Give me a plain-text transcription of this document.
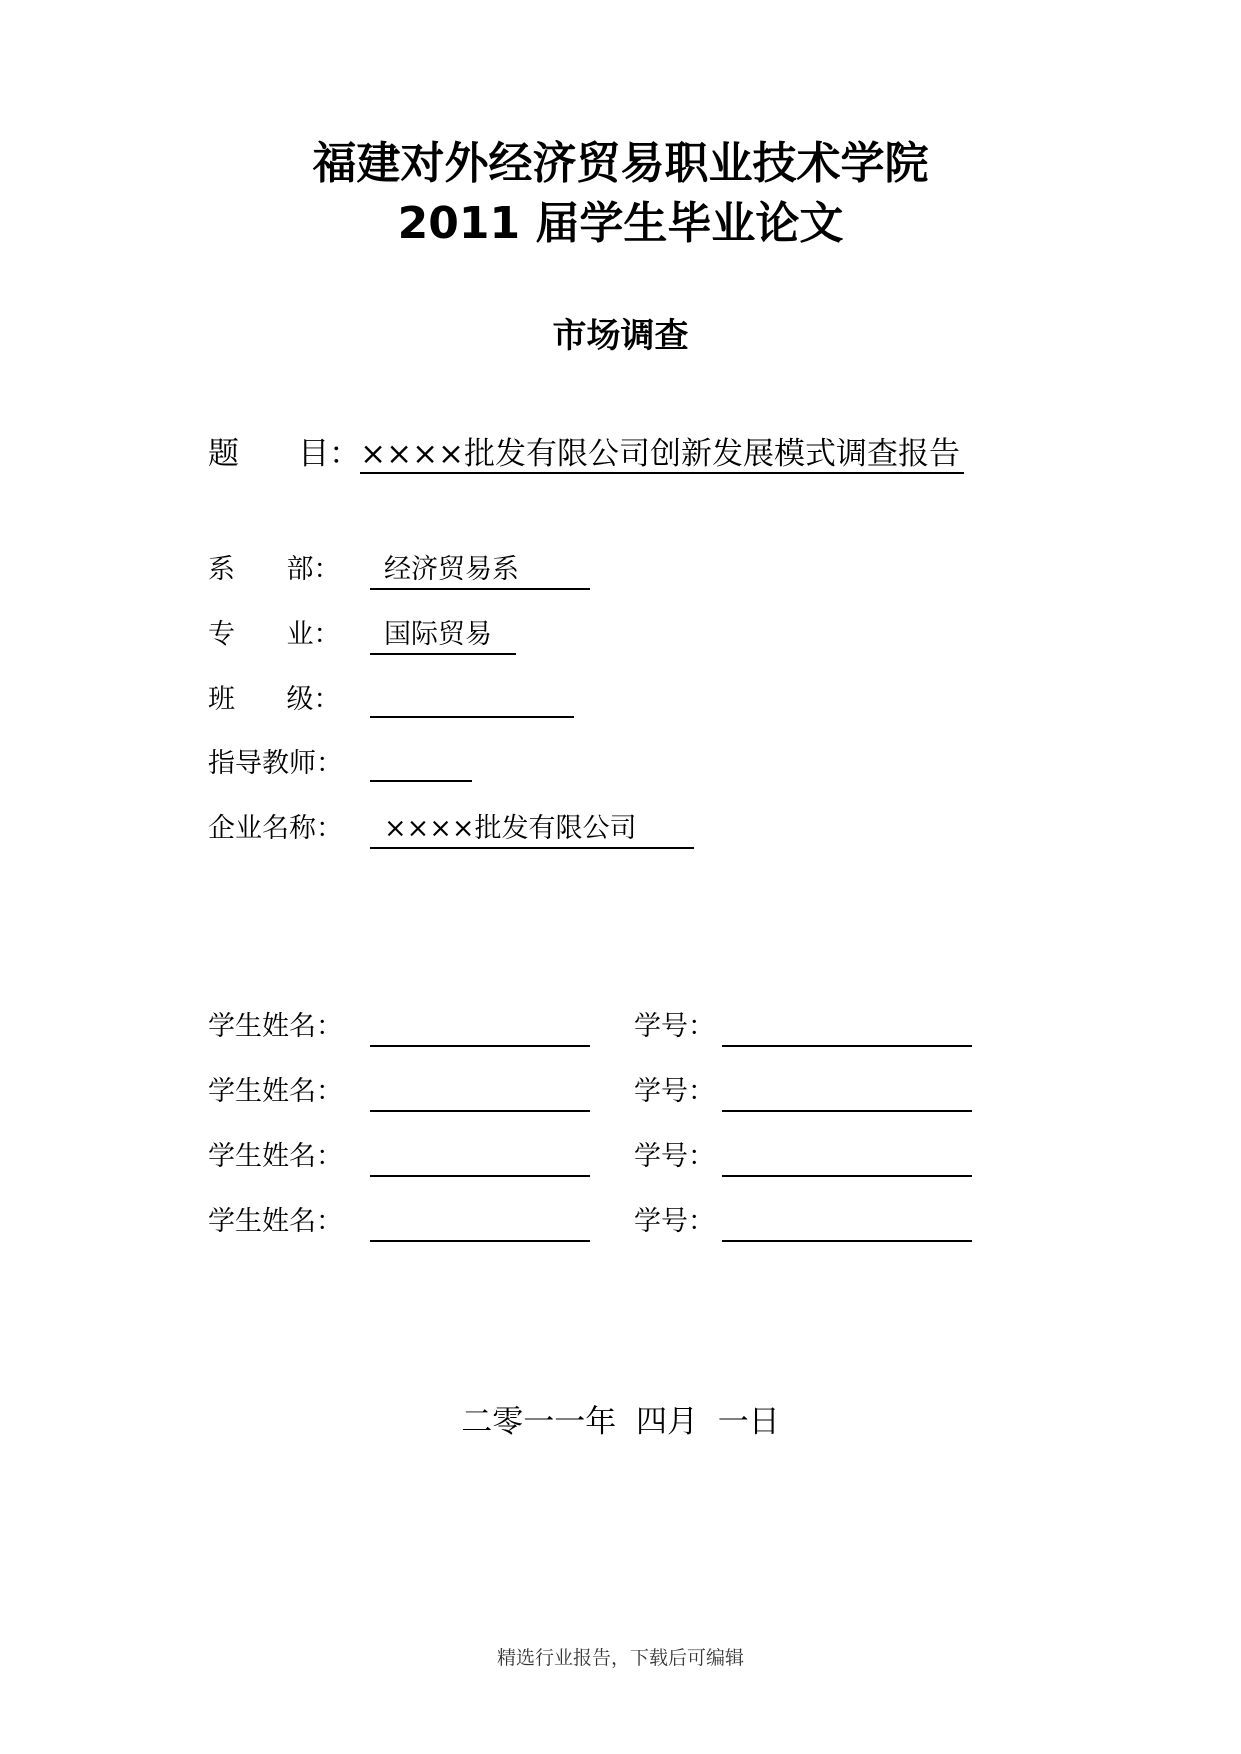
福建对外经济贸易职业技术学院
2011 届学生毕业论文
市场调查
题      目：××××批发有限公司创新发展模式调查报告
系      部：	经济贸易系
专      业：	国际贸易
班      级：
指导教师：
企业名称：	××××批发有限公司
学生姓名：	学号：
学生姓名：	学号：
学生姓名：	学号：
学生姓名：	学号：
二零一一年  四月  一日
精选行业报告，下载后可编辑
